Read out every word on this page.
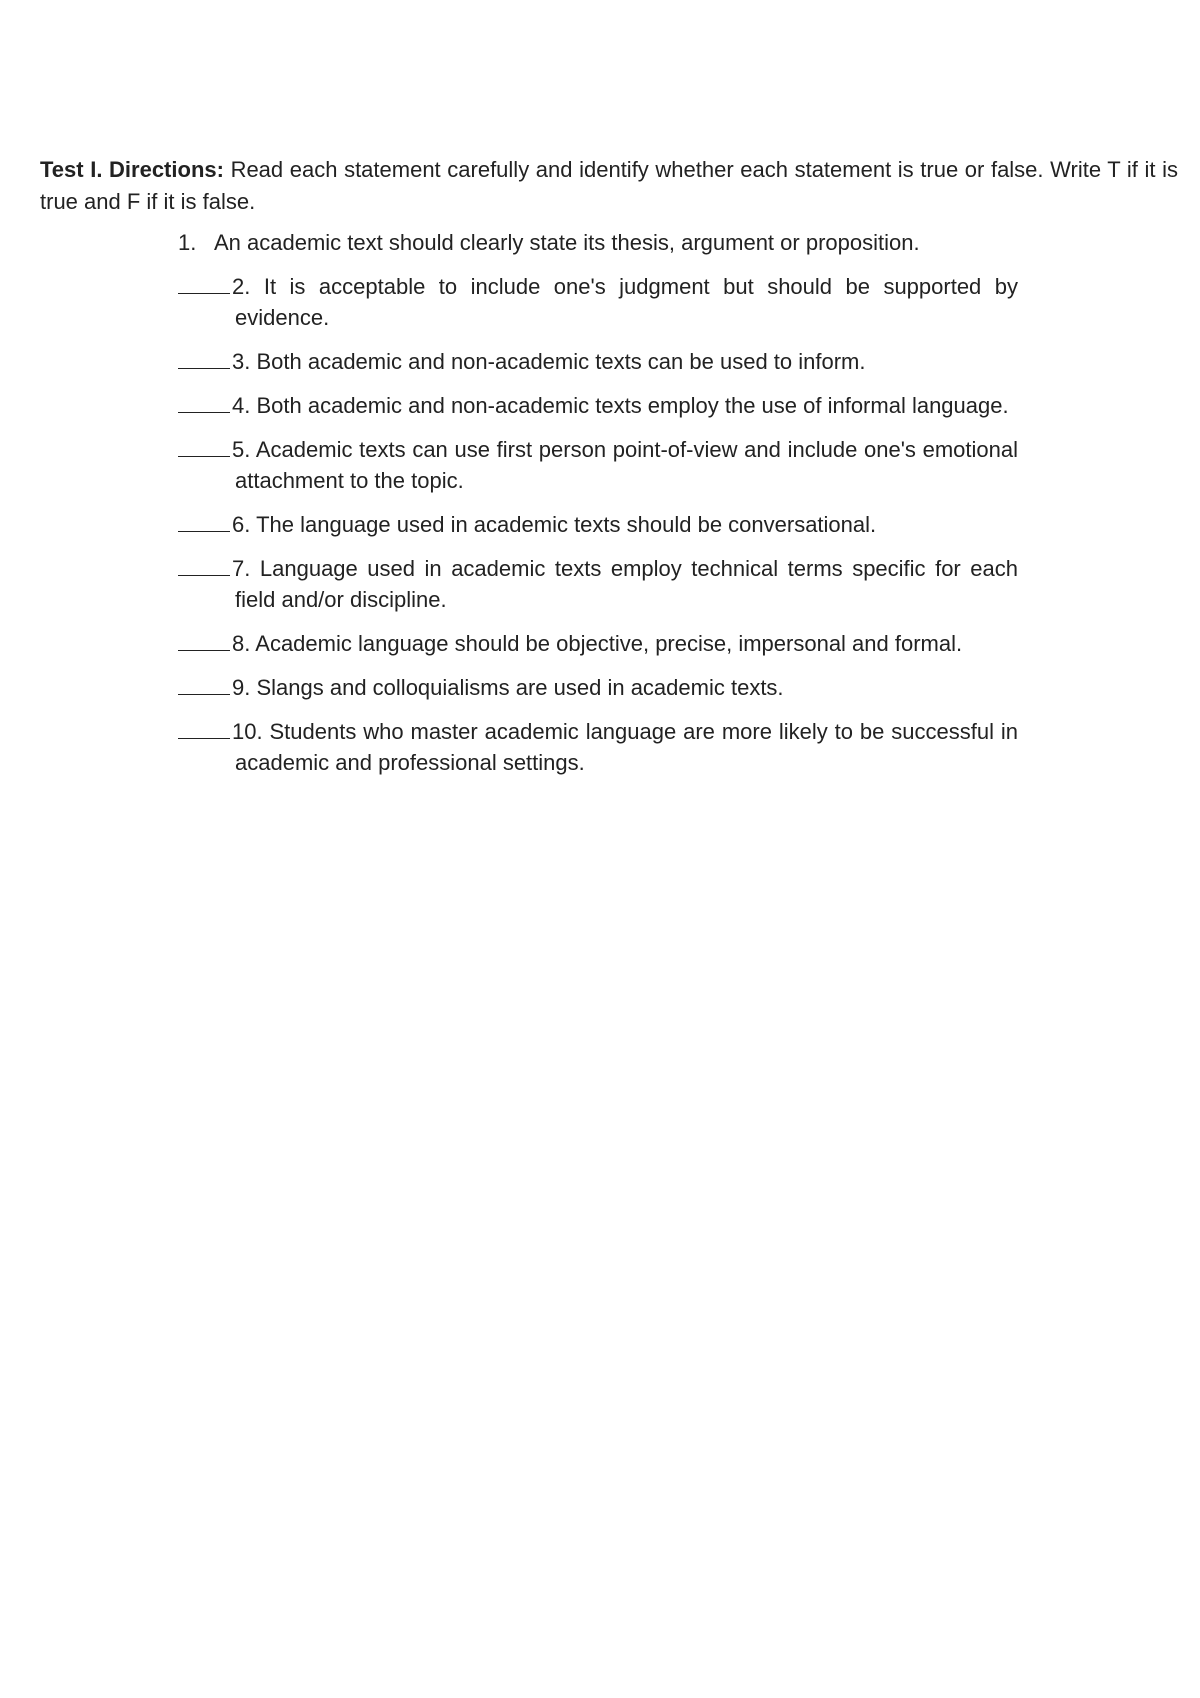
Test I. Directions: Read each statement carefully and identify whether each statement is true or false. Write T if it is true and F if it is false.

1. An academic text should clearly state its thesis, argument or proposition.
2. It is acceptable to include one's judgment but should be supported by evidence.
3. Both academic and non-academic texts can be used to inform.
4. Both academic and non-academic texts employ the use of informal language.
5. Academic texts can use first person point-of-view and include one's emotional attachment to the topic.
6. The language used in academic texts should be conversational.
7. Language used in academic texts employ technical terms specific for each field and/or discipline.
8. Academic language should be objective, precise, impersonal and formal.
9. Slangs and colloquialisms are used in academic texts.
10. Students who master academic language are more likely to be successful in academic and professional settings.
